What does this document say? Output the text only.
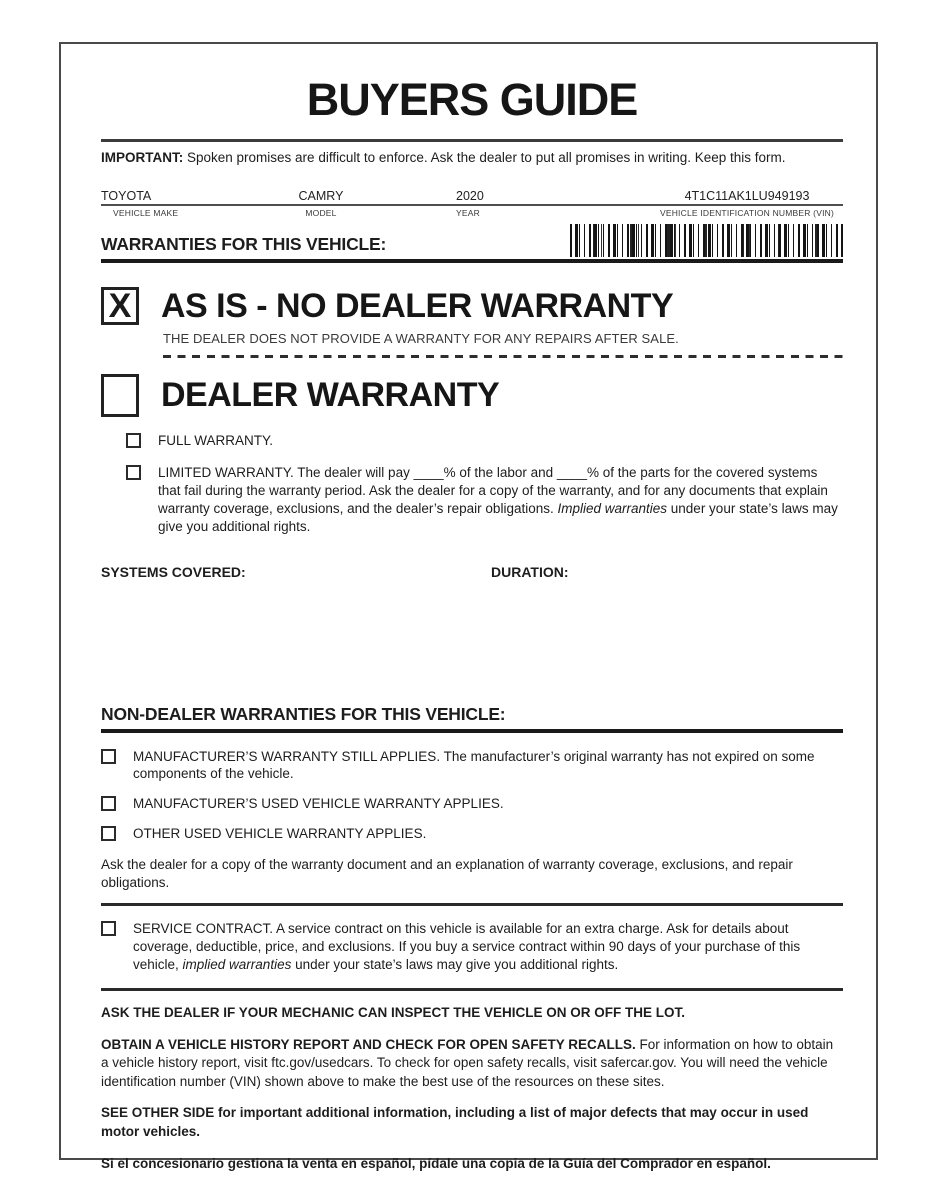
BUYERS GUIDE
IMPORTANT: Spoken promises are difficult to enforce. Ask the dealer to put all promises in writing. Keep this form.
TOYOTA	CAMRY	2020	4T1C11AK1LU949193
VEHICLE MAKE	MODEL	YEAR	VEHICLE IDENTIFICATION NUMBER (VIN)
WARRANTIES FOR THIS VEHICLE:
X AS IS - NO DEALER WARRANTY
THE DEALER DOES NOT PROVIDE A WARRANTY FOR ANY REPAIRS AFTER SALE.
DEALER WARRANTY
FULL WARRANTY.
LIMITED WARRANTY. The dealer will pay ____% of the labor and ____% of the parts for the covered systems that fail during the warranty period. Ask the dealer for a copy of the warranty, and for any documents that explain warranty coverage, exclusions, and the dealer’s repair obligations. Implied warranties under your state’s laws may give you additional rights.
SYSTEMS COVERED:	DURATION:
NON-DEALER WARRANTIES FOR THIS VEHICLE:
MANUFACTURER’S WARRANTY STILL APPLIES. The manufacturer’s original warranty has not expired on some components of the vehicle.
MANUFACTURER’S USED VEHICLE WARRANTY APPLIES.
OTHER USED VEHICLE WARRANTY APPLIES.
Ask the dealer for a copy of the warranty document and an explanation of warranty coverage, exclusions, and repair obligations.
SERVICE CONTRACT. A service contract on this vehicle is available for an extra charge. Ask for details about coverage, deductible, price, and exclusions. If you buy a service contract within 90 days of your purchase of this vehicle, implied warranties under your state’s laws may give you additional rights.
ASK THE DEALER IF YOUR MECHANIC CAN INSPECT THE VEHICLE ON OR OFF THE LOT.
OBTAIN A VEHICLE HISTORY REPORT AND CHECK FOR OPEN SAFETY RECALLS. For information on how to obtain a vehicle history report, visit ftc.gov/usedcars. To check for open safety recalls, visit safercar.gov. You will need the vehicle identification number (VIN) shown above to make the best use of the resources on these sites.
SEE OTHER SIDE for important additional information, including a list of major defects that may occur in used motor vehicles.
Si el concesionario gestiona la venta en español, pídale una copia de la Guía del Comprador en español.
